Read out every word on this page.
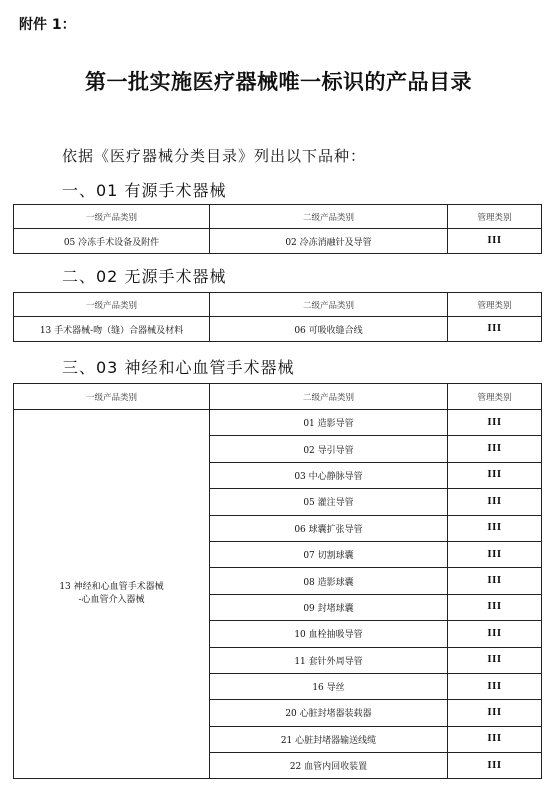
附件 1：
第一批实施医疗器械唯一标识的产品目录
依据《医疗器械分类目录》列出以下品种：
一、01 有源手术器械
一级产品类别	二级产品类别	管理类别
05 冷冻手术设备及附件	02 冷冻消融针及导管	III
二、02 无源手术器械
一级产品类别	二级产品类别	管理类别
13 手术器械-吻（缝）合器械及材料	06 可吸收缝合线	III
三、03 神经和心血管手术器械
一级产品类别	二级产品类别	管理类别

13 神经和心血管手术器械
-心血管介入器械	01 造影导管	III
	02 导引导管	III
	03 中心静脉导管	III
	05 灌注导管	III
	06 球囊扩张导管	III
	07 切割球囊	III
	08 造影球囊	III
	09 封堵球囊	III
	10 血栓抽吸导管	III
	11 套针外周导管	III
	16 导丝	III
	20 心脏封堵器装载器	III
	21 心脏封堵器输送线缆	III
	22 血管内回收装置	III
